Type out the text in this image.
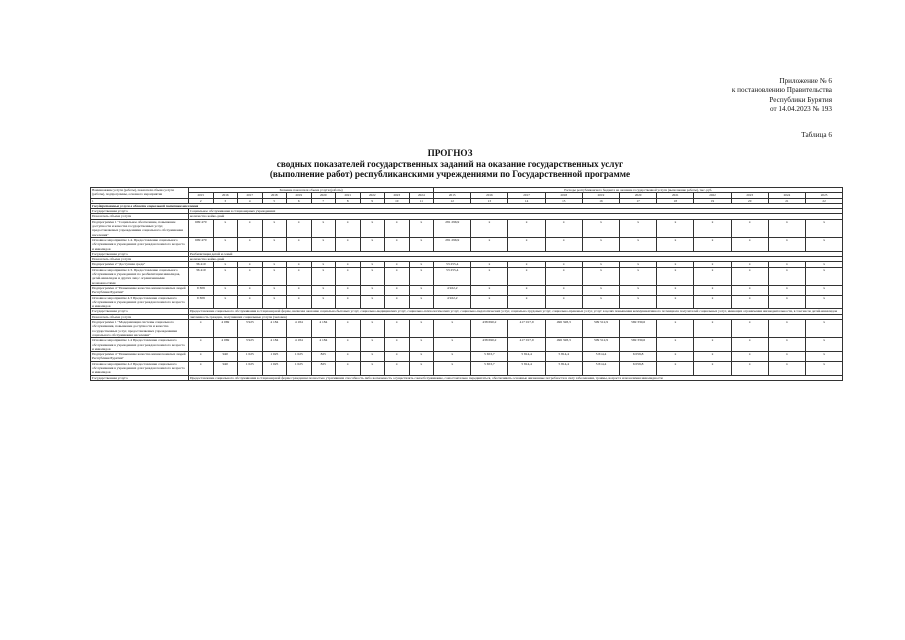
Приложение № 6
к постановлению Правительства
Республики Бурятия
от 14.04.2023 № 193
Таблица 6
ПРОГНОЗ
сводных показателей государственных заданий на оказание государственных услуг
(выполнение работ) республиканскими учреждениями по Государственной программе
Наименование услуги (работы), показателя объема услуги (работы), подпрограммы, основного мероприятия	Значение показателя объема услуги (работы)										Расходы республиканского бюджета на оказание государственной услуги (выполнение работы), тыс. руб.										
	2015	2016	2017	2018	2019	2020	2021	2022	2023	2024	2015	2016	2017	2018	2019	2020	2021	2022	2023	2024	2025
1	2	3	4	5	6	7	8	9	10	11	12	13	14	15	16	17	18	19	20	21	22
Государственные услуги в области социальной политики населения																					
Государственная услуга	Социальное обслуживание в стационарных учреждениях																				
Показатель объема услуги	количество койко-дней																				
Подпрограмма 1 "Социальное обеспечение, повышение доступности и качества государственных услуг, предоставляемых учреждениями социального обслуживания населения"	699 470	х	х	х	х	х	х	х	х	х	281 296,9	х	х	х	х	х	х	х	х	х	х
Основное мероприятие 1.4. Предоставление социального обслуживания в учреждениях для граждан пожилого возраста и инвалидов	699 470	х	х	х	х	х	х	х	х	х	281 296,9	х	х	х	х	х	х	х	х	х	х
Государственная услуга	Реабилитация детей и семей																				
Показатель объема услуги	количество койко-дней																				
Подпрограмма 2 "Доступная среда"	36 410	х	х	х	х	х	х	х	х	х	53 255,4	х	х	х	х	х	х	х	х	х	х
Основное мероприятие 2.3. Предоставление социального обслуживания в учреждениях по реабилитации инвалидов, детей-инвалидов и других лиц с ограниченными возможностями	36 410	х	х	х	х	х	х	х	х	х	53 255,4	х	х	х	х	х	х	х	х	х	х
Подпрограмма 4 "Повышение качества жизни пожилых людей Республики Бурятия"	9 309	х	х	х	х	х	х	х	х	х	4 922,2	х	х	х	х	х	х	х	х	х	х
Основное мероприятие 4.3 Предоставление социального обслуживания в учреждениях для граждан пожилого возраста и инвалидов	9 309	х	х	х	х	х	х	х	х	х	4 922,2	х	х	х	х	х	х	х	х	х	х
Государственная услуга	Предоставление социального обслуживания в стационарной форме, включая оказание социально-бытовых услуг, социально-медицинских услуг, социально-психологических услуг, социально-педагогических услуг, социально-трудовых услуг, социально-правовых услуг, услуг в целях повышения коммуникативного потенциала получателей социальных услуг, имеющих ограничения жизнедеятельности, в том числе детей-инвалидов																				
Показатель объема услуги	численность граждан, получивших социальные услуги (человек)																				
Подпрограмма 1 "Модернизация системы социального обслуживания, повышение доступности и качества государственных услуг, предоставляемых учреждениями социального обслуживания населения"	х	4 069	3 925	4 184	4 184	4 184	х	х	х	х	х	438 690,2	417 017,9	496 328,3	509 512,9	569 330,6	х	х	х	х	х
Основное мероприятие 1.4 Предоставление социального обслуживания в учреждениях для граждан пожилого возраста и инвалидов	х	4 069	3 925	4 184	4 184	4 184	х	х	х	х	х	438 690,2	417 017,9	496 328,3	509 512,9	569 330,6	х	х	х	х	х
Подпрограмма 4 "Повышение качества жизни пожилых людей Республики Бурятия"	х	940	1 025	1 025	1 025	825	х	х	х	х	х	5 653,7	5 814,4	5 814,4	5 814,4	6 059,8	х	х	х	х	х
Основное мероприятие 4.2 Предоставление социального обслуживания в учреждениях для граждан пожилого возраста и инвалидов	х	940	1 025	1 025	1 025	825	х	х	х	х	х	5 653,7	5 814,4	5 814,4	5 814,4	6 059,8	х	х	х	х	х
Государственная услуга	Предоставление социального обслуживания в стационарной форме гражданам полностью утратившим способность либо возможность осуществлять самообслуживание, самостоятельно передвигаться, обеспечивать основные жизненные потребности в силу заболевания, травмы, возраста или наличия инвалидности																				
